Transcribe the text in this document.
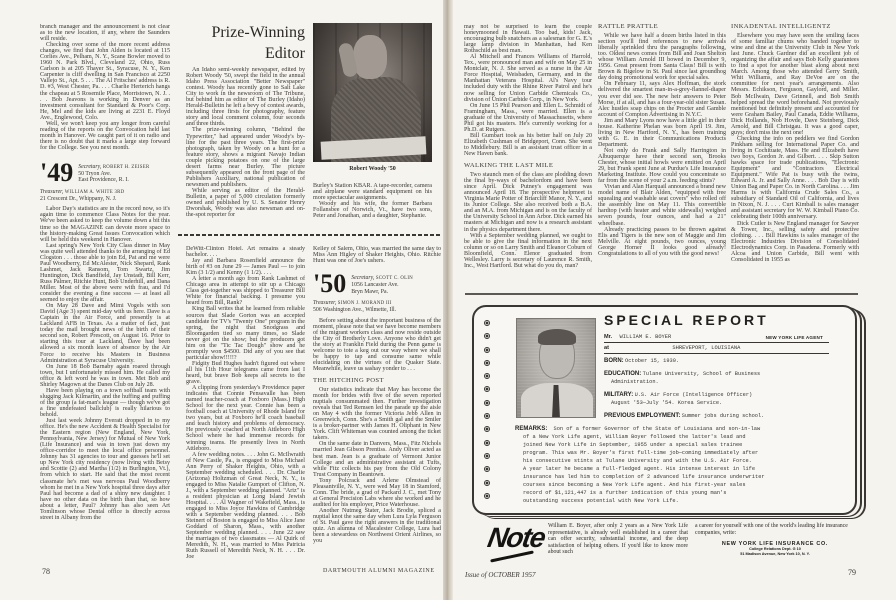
branch manager and the announcement is not clear as to the new location, if any, where the Saunders will reside.

Checking over some of the more recent address changes, we find that John Alden is located at 115 Corlies Ave., Pelham, N. Y., Scane Bowler moved to 1960 N. Park Blvd., Cleveland 22, Ohio, Russ Carlson is at 205 Thayer St., Syracuse, N. Y., Ken Carpenter is cliff dwelling in San Francisco at 2250 Vallejo St., Apt. 5 . . . The Al Fritsches' address is R. D. #3, West Chester, Pa. . . . Charlie Herterich hangs the chapeau at 5 Rosemile Place, Morristown, N. J. . . . Bob Jeavons is working in Denver as an investment consultant for Standard & Poor's Corp. He, Mel and the kids are living at 2231 E. Floyd Ave., Englewood, Colo.

Well, we won't keep you any longer from careful reading of the reports on the Convocation held last month in Hanover. We caught part of it on radio and there is no doubt that it marks a large step forward for the College. See you next month.

'49 Secretary, ROBERT H. ZEISER
50 Tryon Ave.
East Providence, R. I.
Treasurer, WILLIAM A. WHITE 3RD
21 Crescent Dr., Whippany, N. J.

Labor Day's statistics are in the record now, so it's again time to commence Class Notes for the year. We've been asked to keep the volume down a bit this time so the MAGAZINE can devote more space to the history-making Great Issues Convocation which will be held this weekend in Hanover.

Last spring's New York City Class dinner in May was quite well attended thanks to the arranging of Ed Clogston . . . those able to join Ed, Pat and me were Paul Woodberry, Ed McAlester, Nick Shepard, Rank Lashmet, Jack Ransom, Tom Swartz, Jim Huntington, Dick Bandfield, Jay Unstadt, Bill Kerr, Russ Palmer, Ritchie Hunt, Bob Underhill, and Dana Miller. Most of the above were with frau, and I'd consider the evening a fine success — at least all seemed to enjoy the affair.

On May 28 Dave and Mimi Vogels with son David (Age 3) spent mid-day with us here. Dave is a Captain in the Air Force, and presently is at Lackland AFB in Texas. As a matter of fact, just today the mail brought news of the birth of their second son, Robert Prescott, on August 16. Prior to starting this tour at Lackland, Dave had been allowed a six month leave of absence by the Air Force to receive his Masters in Business Administration at Syracuse University.

On June 18 Bob Barnaby again roared through town, but I unfortunately missed him. He called my office & left word he was in town. Met Bob and Shirley Magown at the Danes Club on July 28.

Have been playing on a town softball team with slugging Jack Kilmartin, and the huffing and puffing of the group (a fat-man's league — though we've got a fine undefeated ballclub) is really hilarious to behold.

Just last week Johnny Everatt dropped in to my office. He's the new Accident & Health Specialist for the Eastern region (New England, New York, Pennsylvania, New Jersey) for Mutual of New York (Life Insurance) and was in town just down my office-corridor to meet the local office personnel. Johnny has 31 agencies to tour and guesses he'll set up New York city residency (now living with Betsy and Scottie (2) and Martha (1/2) in Burlington, Vt.), from which to start. He said that the most recent classmate he's met was nervous Paul Woodberry whom he met in a New York hospital three days after Paul had become a dad of a shiny new daughter. I have no other data on the birth than that, so how about a letter, Paul? Johnny has also seen Art Tomlinson whose Dental office is directly across street in Albany from the

Prize-Winning
Editor

An Idaho semi-weekly newspaper, edited by Robert Woody '50, swept the field in the annual Idaho Press Association "Better Newspaper" contest. Woody has recently gone to Salt Lake City to work in the newsroom of The Tribune, but behind him as editor of The Burley (Idaho) Herald-Bulletin he left a bevy of contest awards, including three firsts for photography, feature story and local comment column, four seconds and three thirds.

The prize-winning column, "Behind the Typewriter," had appeared under Woody's by-line for the past three years. The first-prize photograph, taken by Woody on a hunt for a feature story, shows a migrant Navajo Indian couple picking potatoes on one of the large desert farms near Burley. The picture subsequently appeared on the front page of the Publishers Auxiliary, national publication of newsmen and publishers.

While serving as editor of the Herald-Bulletin, a paper of 5,000 circulation formerly owned and published by U. S. Senator Henry Dworshak, Woody was also newsman and on-the-spot reporter for

Robert Woody '50

Burley's Station KBAR. A tape-recorder, camera and airplane were standard equipment on his more spectacular assignments.

Woody and his wife, the former Barbara Follansbee of Norwich, Vt., have two sons, Peter and Jonathan, and a daughter, Stephanie.

DeWitt-Clinton Hotel. Art remains a steady bachelor. . . .

Jay and Barbara Rosenfield announce the birth of #3 on June 29 — James Paul — to join Kim (3 1/2) and Kenny (1 1/2). . . .

A letter a month ago from Rank Lashmet of Chicago area in attempt to stir up a Chicago Class get-together was shipped to Treasurer Bill White for financial backing. I presume you heard from Bill, Rank?

King Ball writes that he learned from reliable sources that Slade Gorton was an accepted candidate for TV's "Twenty One" program in the spring, the night that Snodgrass and Bloomgarden tied so many times, so Slade never got on the show; but the producers got him on the "Tic Tac Dough" show and he promptly won $4500. Did any of you see that particular show!!!!!?

Fidgity Bud Hughes hadn't figured out where all his 11th Hour telegrams came from last I heard, but brave Bob keeps all secrets to the grave.

A clipping from yesterday's Providence paper indicates that Connie Pensavalle has been named teacher-coach at Foxboro (Mass.) High School for the next year. Connie has been a football coach at University of Rhode Island for two years, but at Foxboro he'll coach baseball and teach history and problems of democracy. He previously coached at North Attleboro High School where he had immense records for winning teams. He presently lives in North Attleboro.

A few wedding notes. . . . John G. McIlwraith of New Castle, Pa., is engaged to Miss Michael Ann Perry of Shaker Heights, Ohio, with a September wedding scheduled. . . . Dr. Charlie (Arizona) Holtzman of Great Neck, N. Y., is engaged to Miss Natalie Gumport of Clifton, N. J., with a September wedding planned. "Ariz" is a resident physician at Long Island Jewish Hospital. . . . Al Wagner of Wakefield, Mass., is engaged to Miss Joyce Hawkins of Cambridge with a September wedding planned. . . . Bob Steinert of Boston is engaged to Miss Alice Jane Goddard of Sharon, Mass., with another September wedding planned. . . . June 22 saw the marriages of two classmates — Al Quirk of Meredith, N. H., was married to Miss Patricia Ruth Russell of Meredith Neck, N. H. . . . Dr. Joe

Kelley of Salem, Ohio, was married the same day to Miss Ann Higley of Shaker Heights, Ohio. Ritchie Hunt was one of Joe's ushers.

'50 Secretary, SCOTT C. OLIN
1056 Lancaster Ave.
Bryn Mawr, Pa.
Treasurer, SIMON J. MORAND III
506 Washington Ave., Wilmette, Ill.

Before setting about the important business of the moment, please note that we have become members of the migrant workers class and now reside outside the City of Brotherly Love. Anyone who didn't get the story at Franklin Field during the Penn game is welcome to tote a keg out our way where we shall be happy to tap and consume same while elucidating on the virtues of the Quaker State. Meanwhile, leave us sashay yonder to . . .

THE HITCHING POST

Our statistics indicate that May has become the month for brides with five of the seven reported nuptials consummated then. Further investigation reveals that Ted Remsen led the parade up the aisle on May 4 with the former Victoria Jebb Allen in Greenwich, Conn. She's a Smith gal and the Smiler is a broker-partner with James H. Oliphant in New York. Clift Whiteman was counted among the ticket takers.

On the same date in Danvers, Mass., Fitz Nichols married Jean Gibson Prentiss. Andy Oliver acted as best man. Jean is a graduate of Vermont Junior College and an administrative assistant at Tufts, while Fitz collects his pay from the Old Colony Trust Company in Beantown.

Tony Polcrack and Arlene Olmstead of Pleasantville, N. Y., were wed May 18 in Stamford, Conn. The bride, a grad of Packard J. C., met Tony at General Precision Labs where she worked and he audited for his employer, Price Waterhouse.

Another Nutmeg Stater, Jack Brodie, spliced a nuptial knot the same day when Lura Lyla Ferguson of St. Paul gave the right answers in the traditional quiz. An alumna of Macalester College, Lura had been a stewardess on Northwest Orient Airlines, so you

78	DARTMOUTH ALUMNI MAGAZINE

may not be surprised to learn the couple honeymooned in Hawaii. Too bad, kids! Jack, encouraging bulb snatchers as a salesman for G. E.'s large lamp division in Manhattan, had Ken Rothschild as best man.

Al Mitchell and Frances Williams of Harrold, Tex., were pronounced man and wife on May 25 in Montclair, N. J. She served as a nurse in the Air Force Hospital, Weisbaden, Germany, and in the Manhattan Veterans Hospital. Al's Navy tour included duty with the Rhine River Patrol and he's now selling for Union Carbide Chemicals Co., division of Union Carbide Corp., in New York.

On June 15 Phil Pearson and Ellen L. Schmidt of Framingham, Mass., were married. Ellen is a graduate of the University of Massachusetts, where Phil got his masters. He's currently working for a Ph.D. at Rutgers.

Bill Gumbart took as his better half on July 20 Elizabeth Cushman of Bridgeport, Conn. She went to Middlebury. Bill is an assistant trust officer in a New Haven bank.

WALKING THE LAST MILE

Two staunch men of the class are plodding down the final by-ways of bachelordom and have been since April. Dick Putney's engagement was announced April 18. The prospective helpmeet is Virginia Marie Potter of Briarcliff Manor, N. Y., and its Junior College. She also received both a B.A. and an M.A. from Michigan and is on the faculty of the University School in Ann Arbor. Dick earned his masters at Michigan and now is a research assistant in the physics department there.

With a September wedding planned, we ought to be able to give the final information in the next column or so on Larry Smith and Eleanor Coburn of Bloomfield, Conn. Elenor graduated from Wellesley. Larry is secretary of Laurence R. Smith, Inc., West Hartford. But what do you do, man?

RATTLE PRATTLE

While we have half a dozen births listed in this section you'll find references to new arrivals liberally sprinkled thru the paragraphs following, too. Oldest news comes from Bill and Joan Shelton whose William Arnold III bowed in December 9, 1956. Great present from Santa Claus! Bill is with Brown & Bigelow in St. Paul since last groundhog day doing promotional work for special sales.

On February 11, says Alex Hoffman, the stork delivered the smartest man-in-a-grey-flannel-diaper you ever did see. The new heir answers to Peter Morse, if at all, and has a four-year-old sister Susan. Alec hustles soap chips on the Procter and Gamble account of Compton Advertising in N.Y.C.

Jim and Mary Lyons now have a little girl in their house. Katherine Phelan was born April 19. Jim, living in New Hartford, N. Y., has been training with G. E. in their Communications Products Department.

Not only do Frank and Sally Harrington in Albuquerque have their second son, Brooks Chester, whose initial howls were emitted on April 29, but Frank spent June at Purdue's Life Insurance Marketing Institute. How could you concentrate so far from the scene of your 2 a.m. feeding stints?

Vivian and Alan Harquail announced a brand new model name of Blair Alden, "equipped with free squealing and washable seat covers" who rolled off the assembly line on May 11. This convertible hardtop (with heater and white sidewalls) weighed seven pounds, four ounces, and had a 21" wheelbase.

Already practicing passes to be thrown against Elis and Tigers is the new son of Maggie and Jim Melville. At eight pounds, two ounces, young George Horner II looks good already! Congratulations to all of you with the good news!

INKADENTAL INTELLIGENTZ

Elsewhere you may have seen the smiling faces of some familiar chums who banded together to wine and dine at the University Club in New York last June. Chuck Gardner did an excellent job of organizing the affair and says Bob Kelly guarantees to find a spot for another blast along about next March. Among those who attended Gerry Smith, Whit Williams, and Ray DeVoe are on the committee for next year's arrangements. Also Messrs. Echikson, Ferguson, Gaylord, and Miller. Bob McIlwain, Dave Grinnell, and Bob Smith helped spread the word beforehand. Not previously mentioned but definitely present and accounted for were Graham Bailey, Paul Canada, Eddie Williams, Dick Hollands, Nob Hovde, Dave Steinberg, Dick Arnold, and Bill Christgau. It was a good caper, guys; don't miss the next one!

Checking the info on peddlers we find Gordon Pinkham selling for International Paper Co. and living in Cochituate, Mass. He and Elizabeth have two boys, Gordon Jr. and Gilbert. . . . Skip Sutton hawks space for trade publications, "Electronic Equipment" and "Contractors Electrical Equipment." Wife Pat is busy with the twins, Edward A. Jr. and Sally Anne. . . . Bob Day is with Union Bag and Paper Co. in North Carolina. . . . Jim Harms is with California Crude Sales Co., a subsidiary of Standard Oil of California, and lives in Nixon, N. J. . . . Curt Kimball is sales manager and assistant secretary for W. W. Kimball Piano Co. celebrating their 100th anniversary.

Dick Cutler is New England manager for Sawyer & Tower, Inc., selling safety and protective clothing. . . . Bill Hawkins is sales manager of the Electronic Industries Division of Consolidated Electrodynamics Corp. in Pasadena. Formerly with Alcoa and Union Carbide, Bill went with Consolidated in 1955 as

SPECIAL REPORT
Mr. WILLIAM E. BOYER	NEW YORK LIFE AGENT
at	SHREVEPORT, LOUISIANA
BORN: October 15, 1930.
EDUCATION: Tulane University, School of Business
Administration.
MILITARY: U.S. Air Force (Intelligence Officer)
August '53—July '54. Korea Service.
PREVIOUS EMPLOYMENT: Summer jobs during school.
REMARKS: Son of a former Governor of the State of Louisiana and son-in-law

of a New York Life agent, William Boyer followed the latter's lead and
joined New York Life in September, 1955 under a special sales trainee
program. This was Mr. Boyer's first full-time job—coming immediately after
his consecutive stints at Tulane University and with the U.S. Air Force.
A year later he became a full-fledged agent. His intense interest in life
insurance has led him to completion of 2 advanced life insurance underwriter
courses since becoming a New York Life agent. And his first-year sales
record of $1,121,447 is a further indication of this young man's
outstanding success potential with New York Life.
Note William E. Boyer, after only 2 years as a New York Life representative, is already well established in a career that can offer security, substantial income, and the deep satisfaction of helping others. If you'd like to know more about such
a career for yourself with one of the world's leading life insurance companies, write:
NEW YORK LIFE INSURANCE CO.
College Relations Dept. G 10
51 Madison Avenue, New York 10, N. Y.
Issue of OCTOBER 1957	79
